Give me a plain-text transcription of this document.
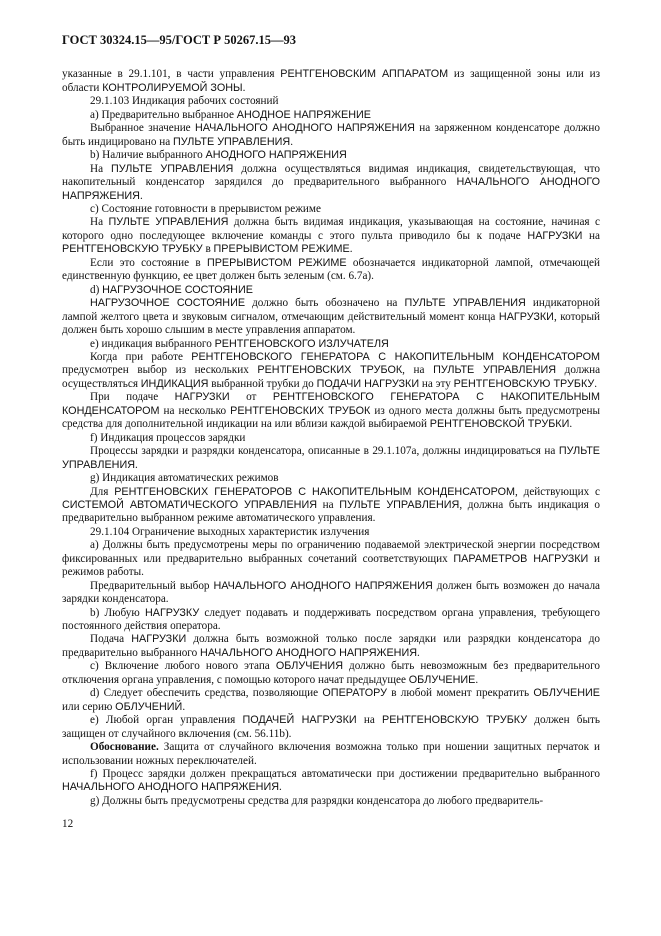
ГОСТ 30324.15—95/ГОСТ Р 50267.15—93

указанные в 29.1.101, в части управления РЕНТГЕНОВСКИМ АППАРАТОМ из защищенной зоны или из области КОНТРОЛИРУЕМОЙ ЗОНЫ.

29.1.103 Индикация рабочих состояний

a) Предварительно выбранное АНОДНОЕ НАПРЯЖЕНИЕ

Выбранное значение НАЧАЛЬНОГО АНОДНОГО НАПРЯЖЕНИЯ на заряженном конденсаторе должно быть индицировано на ПУЛЬТЕ УПРАВЛЕНИЯ.

b) Наличие выбранного АНОДНОГО НАПРЯЖЕНИЯ

На ПУЛЬТЕ УПРАВЛЕНИЯ должна осуществляться видимая индикация, свидетельствующая, что накопительный конденсатор зарядился до предварительного выбранного НАЧАЛЬНОГО АНОДНОГО НАПРЯЖЕНИЯ.

c) Состояние готовности в прерывистом режиме

На ПУЛЬТЕ УПРАВЛЕНИЯ должна быть видимая индикация, указывающая на состояние, начиная с которого одно последующее включение команды с этого пульта приводило бы к подаче НАГРУЗКИ на РЕНТГЕНОВСКУЮ ТРУБКУ в ПРЕРЫВИСТОМ РЕЖИМЕ.

Если это состояние в ПРЕРЫВИСТОМ РЕЖИМЕ обозначается индикаторной лампой, отмечающей единственную функцию, ее цвет должен быть зеленым (см. 6.7a).

d) НАГРУЗОЧНОЕ СОСТОЯНИЕ

НАГРУЗОЧНОЕ СОСТОЯНИЕ должно быть обозначено на ПУЛЬТЕ УПРАВЛЕНИЯ индикаторной лампой желтого цвета и звуковым сигналом, отмечающим действительный момент конца НАГРУЗКИ, который должен быть хорошо слышим в месте управления аппаратом.

e) индикация выбранного РЕНТГЕНОВСКОГО ИЗЛУЧАТЕЛЯ

Когда при работе РЕНТГЕНОВСКОГО ГЕНЕРАТОРА С НАКОПИТЕЛЬНЫМ КОНДЕНСАТОРОМ предусмотрен выбор из нескольких РЕНТГЕНОВСКИХ ТРУБОК, на ПУЛЬТЕ УПРАВЛЕНИЯ должна осуществляться ИНДИКАЦИЯ выбранной трубки до ПОДАЧИ НАГРУЗКИ на эту РЕНТГЕНОВСКУЮ ТРУБКУ.

При подаче НАГРУЗКИ от РЕНТГЕНОВСКОГО ГЕНЕРАТОРА С НАКОПИТЕЛЬНЫМ КОНДЕНСАТОРОМ на несколько РЕНТГЕНОВСКИХ ТРУБОК из одного места должны быть предусмотрены средства для дополнительной индикации на или вблизи каждой выбираемой РЕНТГЕНОВСКОЙ ТРУБКИ.

f) Индикация процессов зарядки

Процессы зарядки и разрядки конденсатора, описанные в 29.1.107a, должны индицироваться на ПУЛЬТЕ УПРАВЛЕНИЯ.

g) Индикация автоматических режимов

Для РЕНТГЕНОВСКИХ ГЕНЕРАТОРОВ С НАКОПИТЕЛЬНЫМ КОНДЕНСАТОРОМ, действующих с СИСТЕМОЙ АВТОМАТИЧЕСКОГО УПРАВЛЕНИЯ на ПУЛЬТЕ УПРАВЛЕНИЯ, должна быть индикация о предварительно выбранном режиме автоматического управления.

29.1.104 Ограничение выходных характеристик излучения

a) Должны быть предусмотрены меры по ограничению подаваемой электрической энергии посредством фиксированных или предварительно выбранных сочетаний соответствующих ПАРАМЕТРОВ НАГРУЗКИ и режимов работы.

Предварительный выбор НАЧАЛЬНОГО АНОДНОГО НАПРЯЖЕНИЯ должен быть возможен до начала зарядки конденсатора.

b) Любую НАГРУЗКУ следует подавать и поддерживать посредством органа управления, требующего постоянного действия оператора.

Подача НАГРУЗКИ должна быть возможной только после зарядки или разрядки конденсатора до предварительно выбранного НАЧАЛЬНОГО АНОДНОГО НАПРЯЖЕНИЯ.

c) Включение любого нового этапа ОБЛУЧЕНИЯ должно быть невозможным без предварительного отключения органа управления, с помощью которого начат предыдущее ОБЛУЧЕНИЕ.

d) Следует обеспечить средства, позволяющие ОПЕРАТОРУ в любой момент прекратить ОБЛУЧЕНИЕ или серию ОБЛУЧЕНИЙ.

e) Любой орган управления ПОДАЧЕЙ НАГРУЗКИ на РЕНТГЕНОВСКУЮ ТРУБКУ должен быть защищен от случайного включения (см. 56.11b).

Обоснование. Защита от случайного включения возможна только при ношении защитных перчаток и использовании ножных переключателей.

f) Процесс зарядки должен прекращаться автоматически при достижении предварительно выбранного НАЧАЛЬНОГО АНОДНОГО НАПРЯЖЕНИЯ.

g) Должны быть предусмотрены средства для разрядки конденсатора до любого предваритель-

12
